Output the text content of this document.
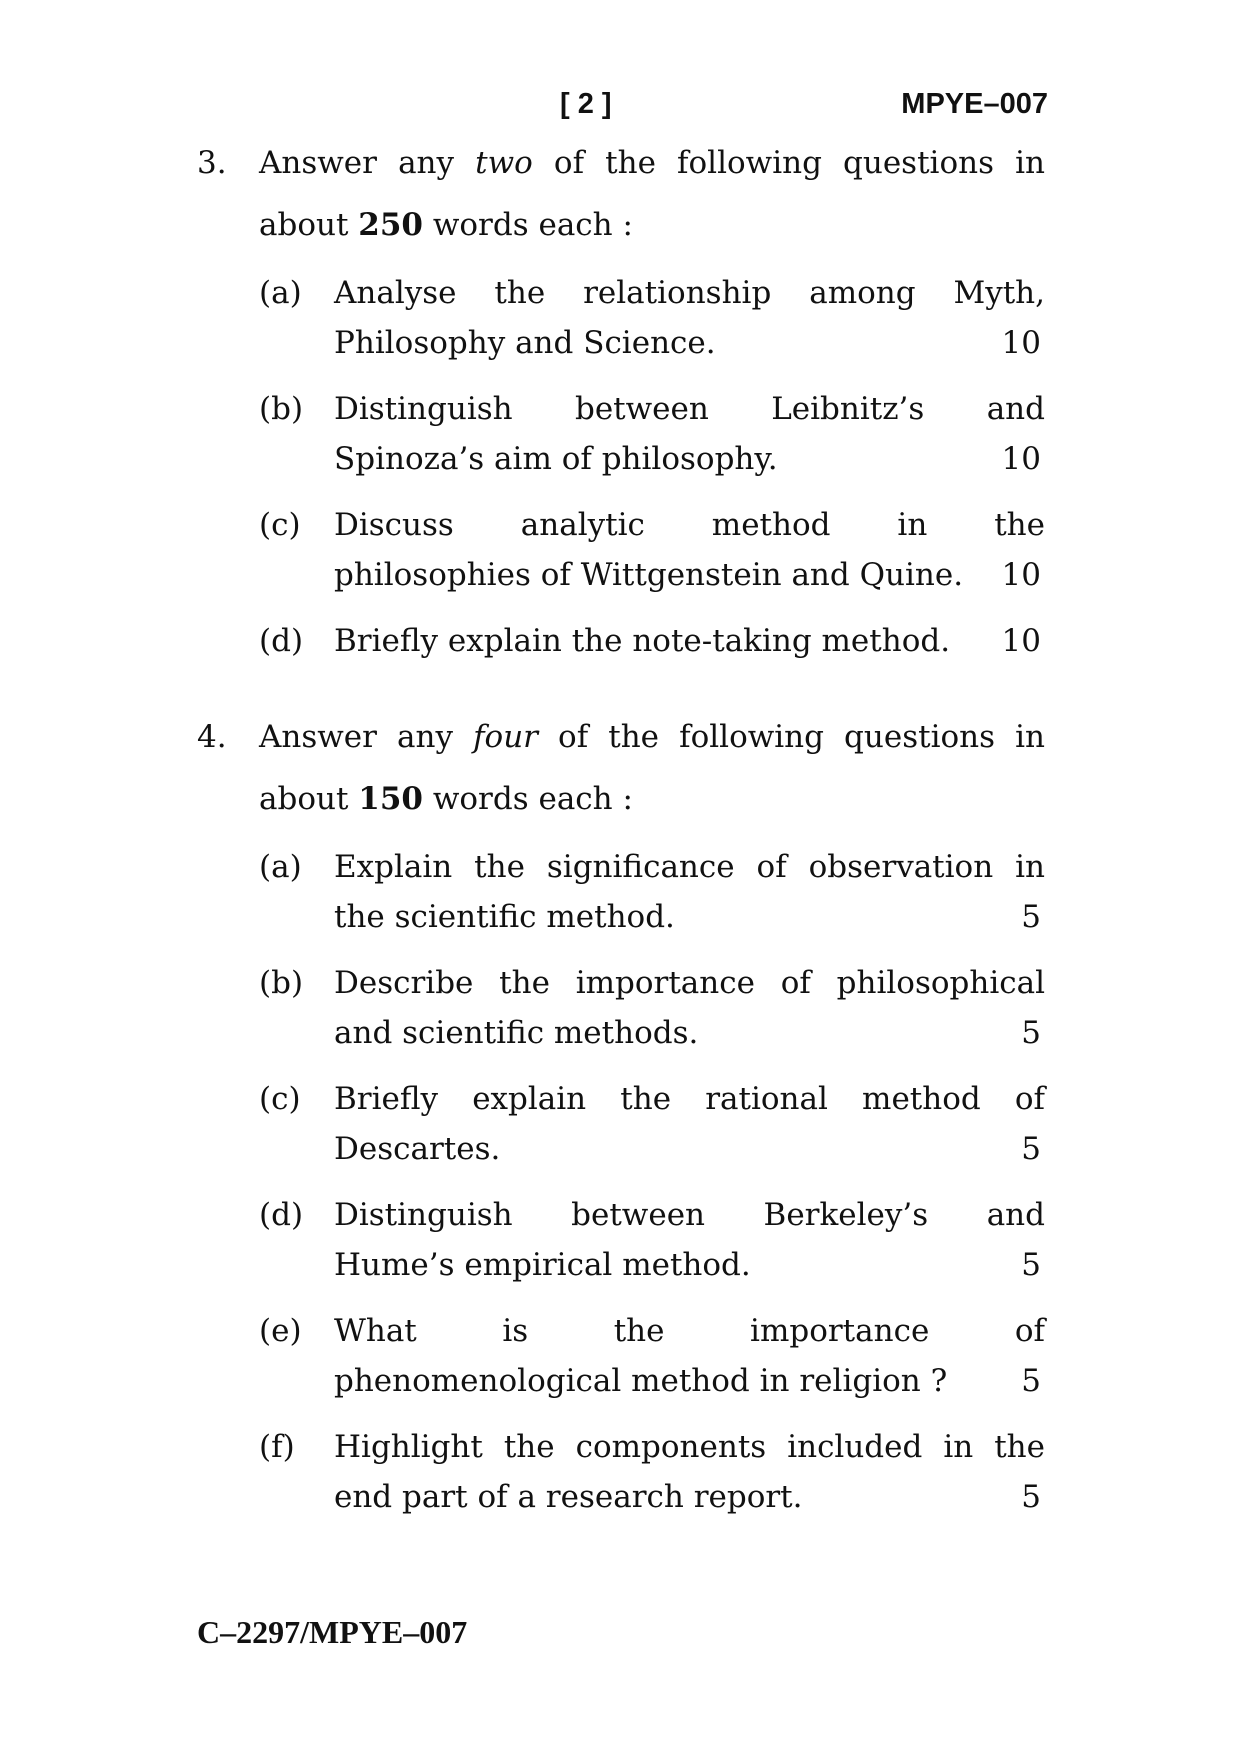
[ 2 ]	MPYE–007
3. Answer any two of the following questions in
about 250 words each :
(a) Analyse the relationship among Myth,
Philosophy and Science.	10
(b) Distinguish between Leibnitz’s and
Spinoza’s aim of philosophy.	10
(c) Discuss analytic method in the
philosophies of Wittgenstein and Quine. 10
(d) Briefly explain the note-taking method. 10
4. Answer any four of the following questions in
about 150 words each :
(a) Explain the significance of observation in
the scientific method.	5
(b) Describe the importance of philosophical
and scientific methods.	5
(c) Briefly explain the rational method of
Descartes.	5
(d) Distinguish between Berkeley’s and
Hume’s empirical method.	5
(e) What is the importance of
phenomenological method in religion ? 5
(f) Highlight the components included in the
end part of a research report.	5
C–2297/MPYE–007
